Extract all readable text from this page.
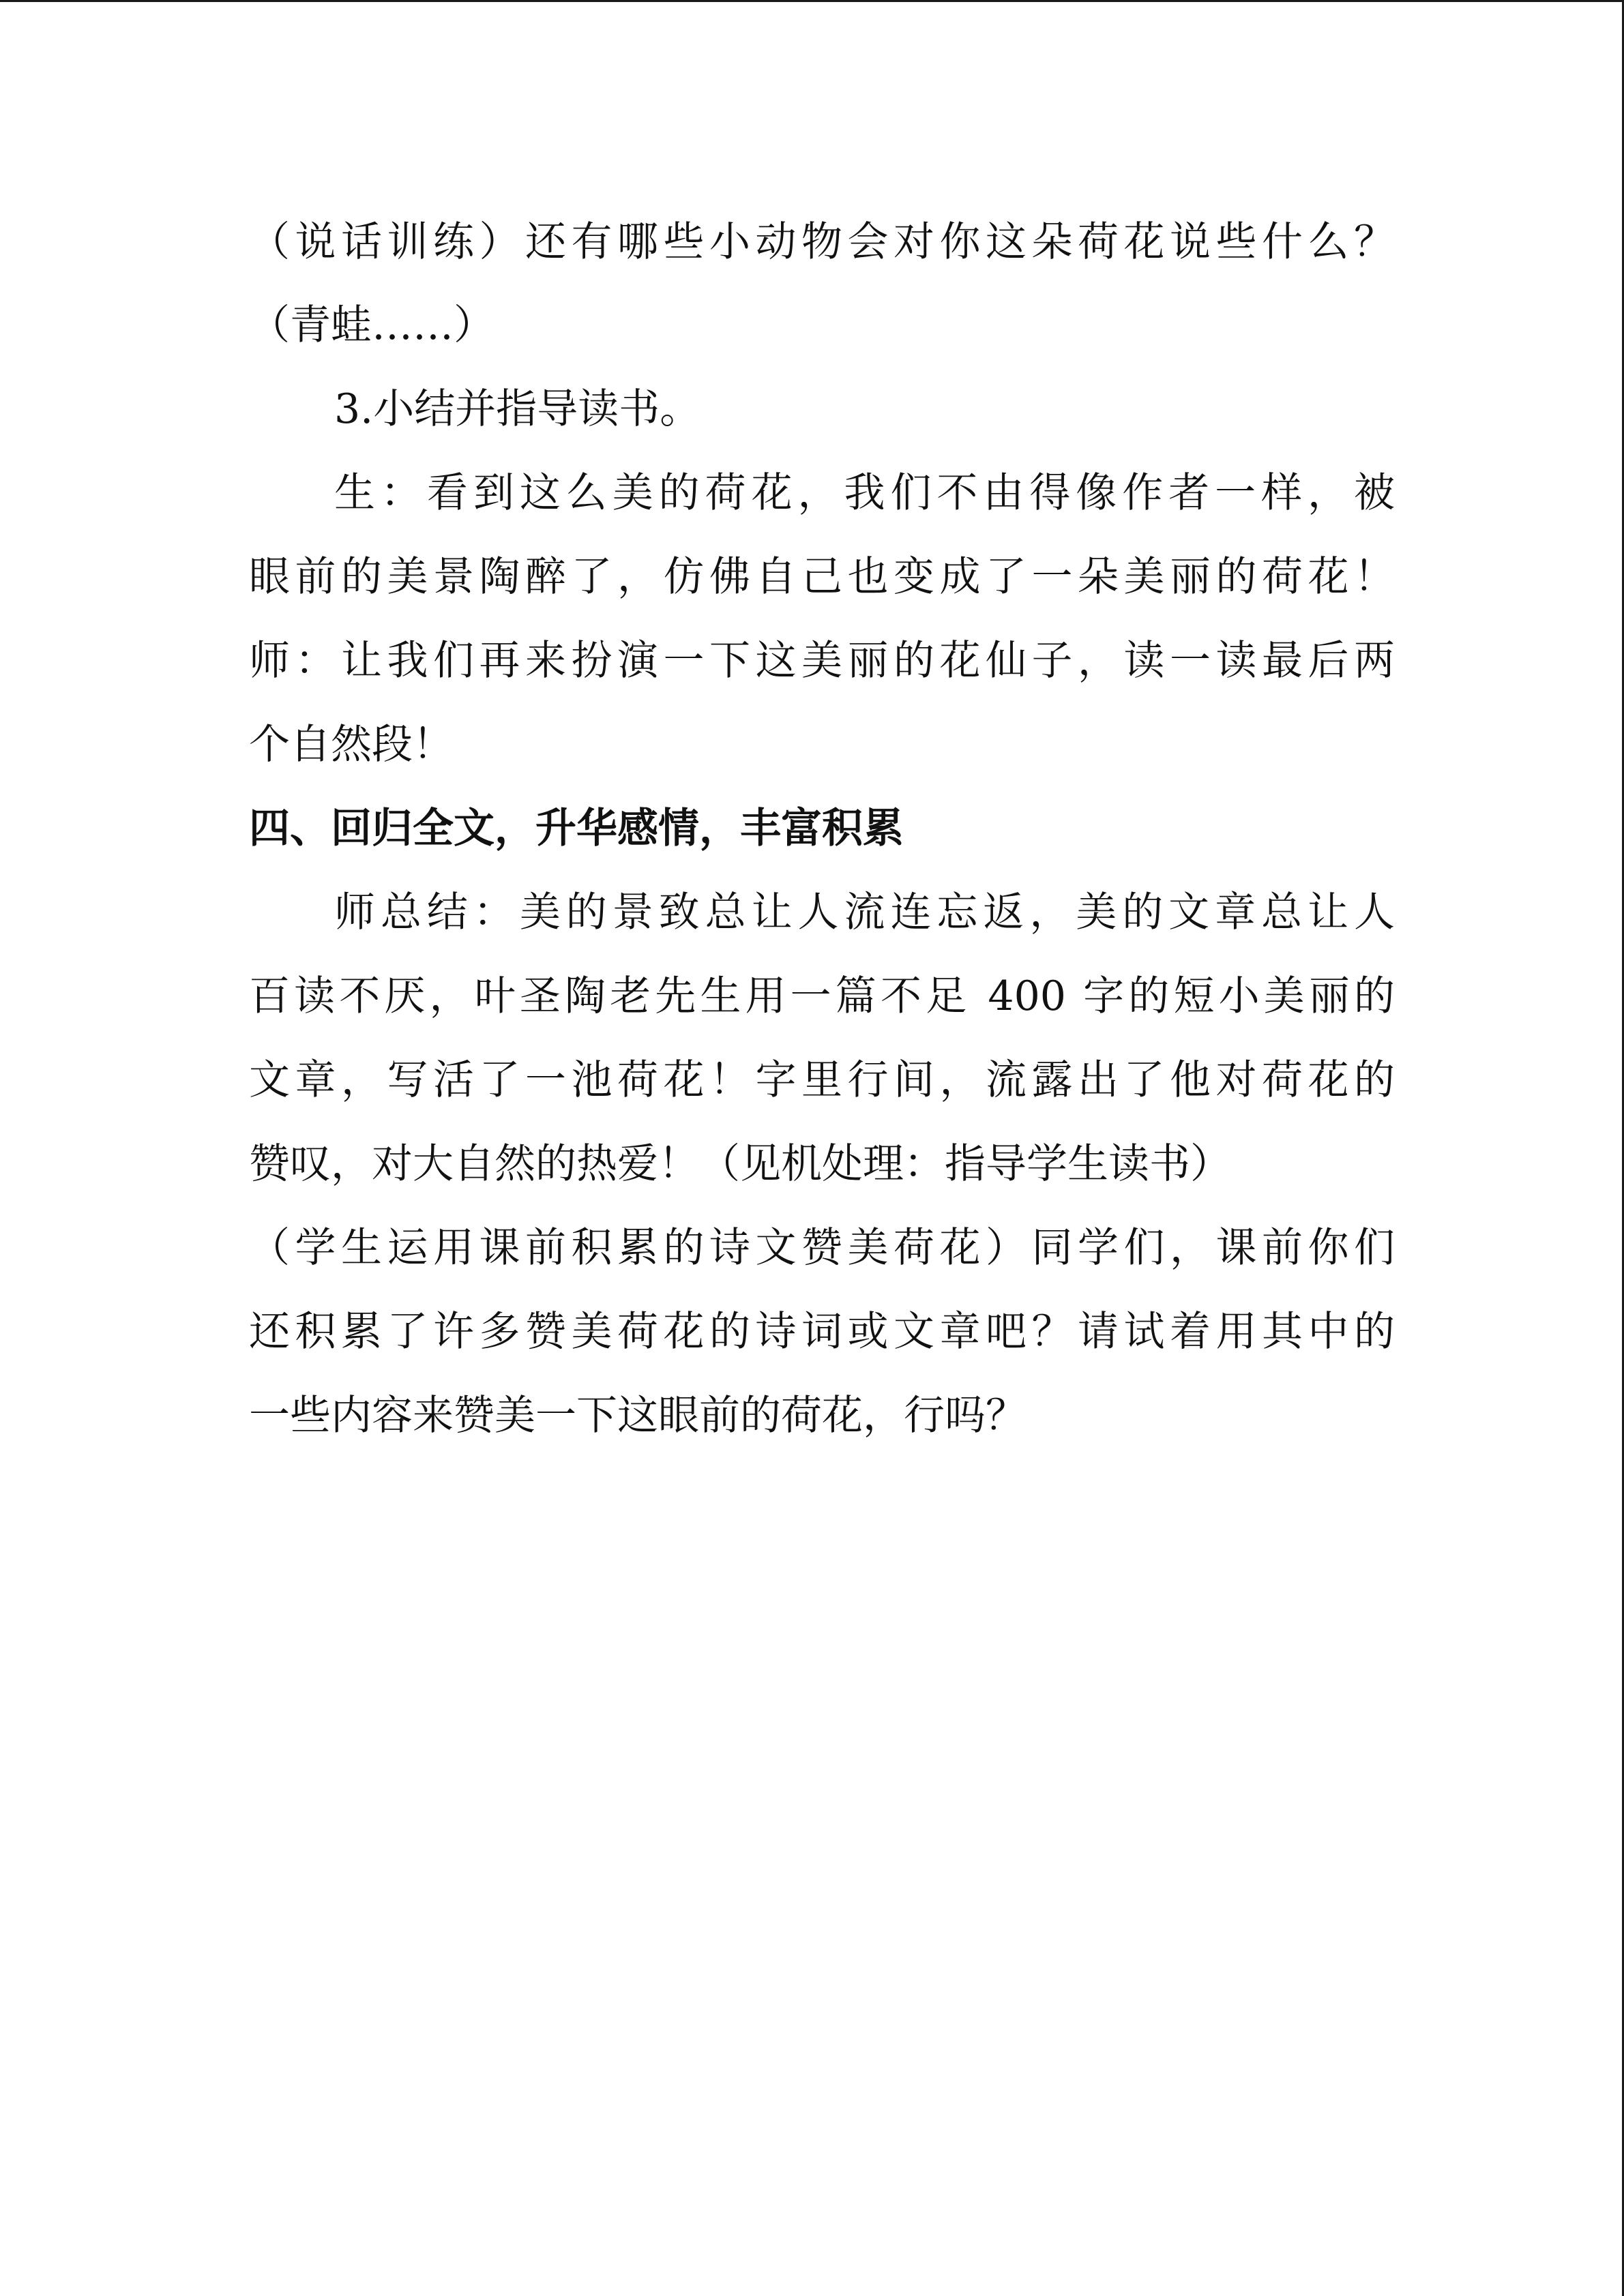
（说话训练）还有哪些小动物会对你这朵荷花说些什么？

（青蛙……）

3.小结并指导读书。

生：看到这么美的荷花，我们不由得像作者一样，被

眼前的美景陶醉了，仿佛自己也变成了一朵美丽的荷花！

师：让我们再来扮演一下这美丽的花仙子，读一读最后两

个自然段！

四、回归全文，升华感情，丰富积累

师总结：美的景致总让人流连忘返，美的文章总让人

百读不厌，叶圣陶老先生用一篇不足 400 字的短小美丽的

文章，写活了一池荷花！字里行间，流露出了他对荷花的

赞叹，对大自然的热爱！（见机处理：指导学生读书）

（学生运用课前积累的诗文赞美荷花）同学们，课前你们

还积累了许多赞美荷花的诗词或文章吧？请试着用其中的

一些内容来赞美一下这眼前的荷花，行吗？
